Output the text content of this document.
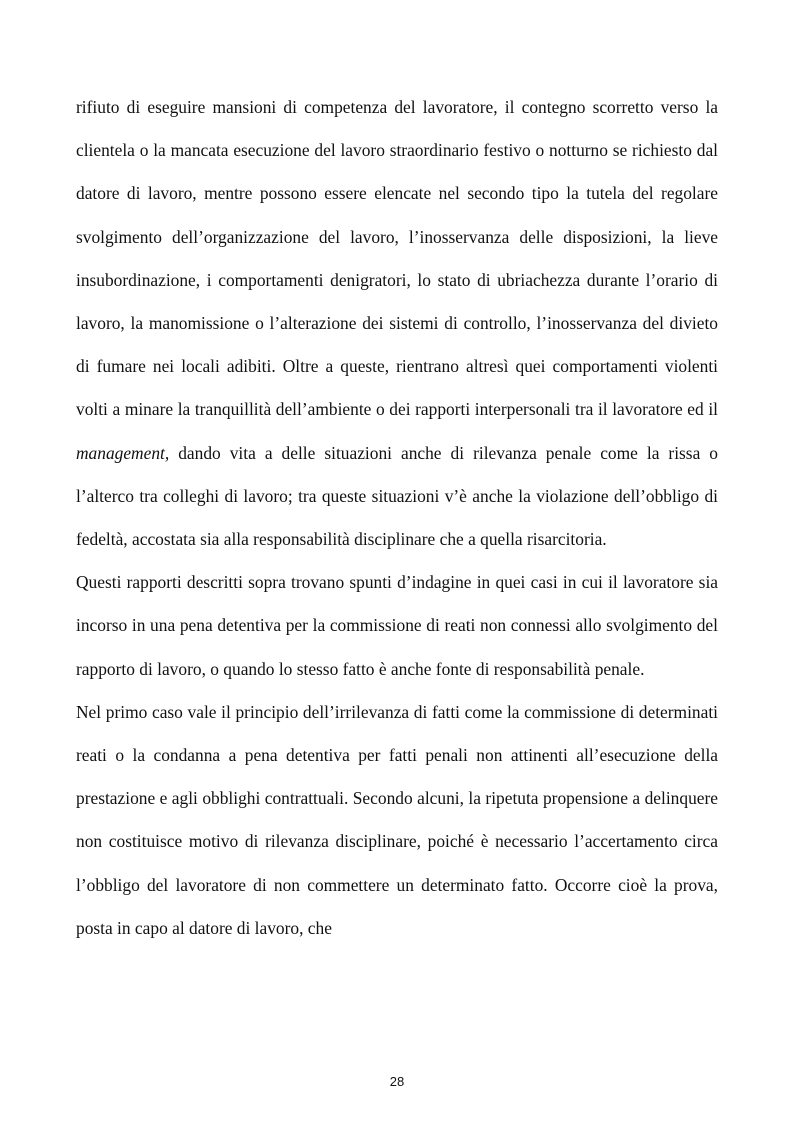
rifiuto di eseguire mansioni di competenza del lavoratore, il contegno scorretto verso la clientela o la mancata esecuzione del lavoro straordinario festivo o notturno se richiesto dal datore di lavoro, mentre possono essere elencate nel secondo tipo la tutela del regolare svolgimento dell’organizzazione del lavoro, l’inosservanza delle disposizioni, la lieve insubordinazione, i comportamenti denigratori, lo stato di ubriachezza durante l’orario di lavoro, la manomissione o l’alterazione dei sistemi di controllo, l’inosservanza del divieto di fumare nei locali adibiti. Oltre a queste, rientrano altresì quei comportamenti violenti volti a minare la tranquillità dell’ambiente o dei rapporti interpersonali tra il lavoratore ed il management, dando vita a delle situazioni anche di rilevanza penale come la rissa o l’alterco tra colleghi di lavoro; tra queste situazioni v’è anche la violazione dell’obbligo di fedeltà, accostata sia alla responsabilità disciplinare che a quella risarcitoria.

Questi rapporti descritti sopra trovano spunti d’indagine in quei casi in cui il lavoratore sia incorso in una pena detentiva per la commissione di reati non connessi allo svolgimento del rapporto di lavoro, o quando lo stesso fatto è anche fonte di responsabilità penale.

Nel primo caso vale il principio dell’irrilevanza di fatti come la commissione di determinati reati o la condanna a pena detentiva per fatti penali non attinenti all’esecuzione della prestazione e agli obblighi contrattuali. Secondo alcuni, la ripetuta propensione a delinquere non costituisce motivo di rilevanza disciplinare, poiché è necessario l’accertamento circa l’obbligo del lavoratore di non commettere un determinato fatto. Occorre cioè la prova, posta in capo al datore di lavoro, che

28
